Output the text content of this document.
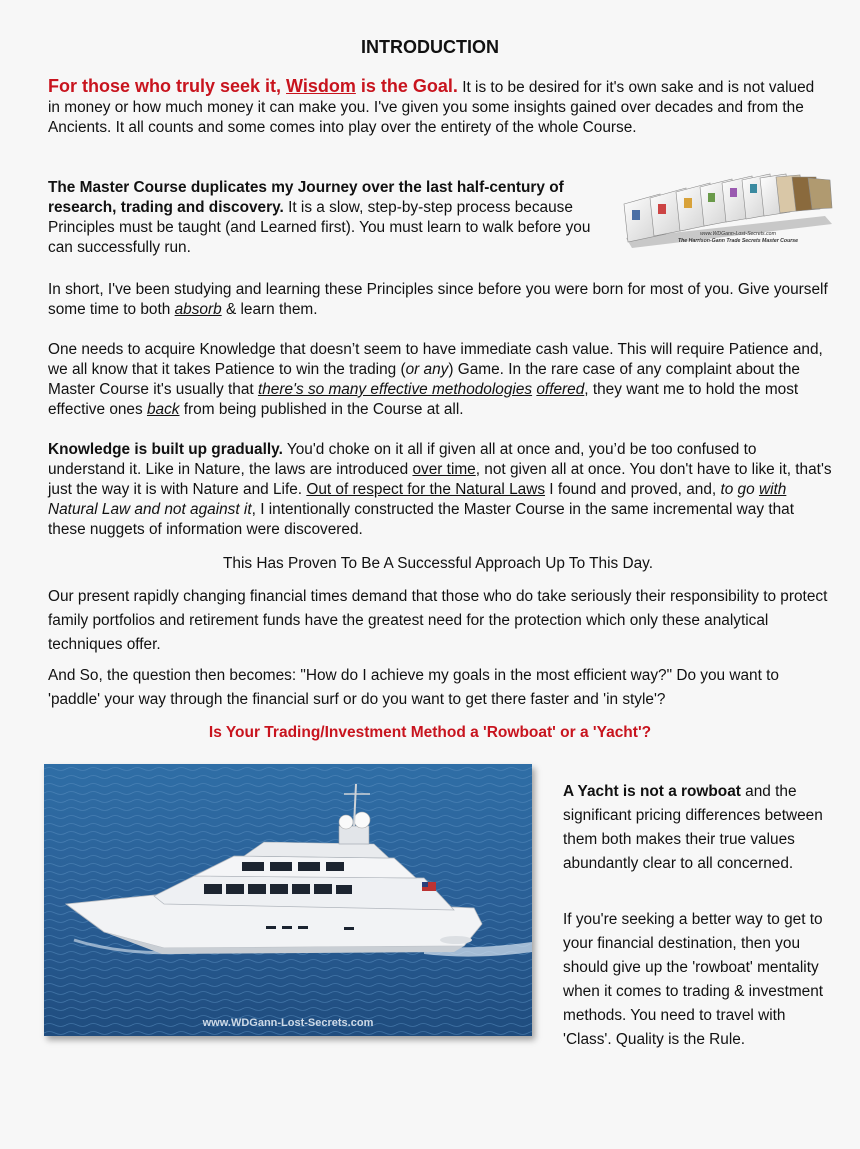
INTRODUCTION

For those who truly seek it, Wisdom is the Goal. It is to be desired for it's own sake and is not valued in money or how much money it can make you. I've given you some insights gained over decades and from the Ancients. It all counts and some comes into play over the entirety of the whole Course.

The Master Course duplicates my Journey over the last half-century of research, trading and discovery. It is a slow, step-by-step process because Principles must be taught (and Learned first). You must learn to walk before you can successfully run.

www.WDGann-Lost-Secrets.com
The Harrison-Gann Trade Secrets Master Course

In short, I've been studying and learning these Principles since before you were born for most of you. Give yourself some time to both absorb & learn them.

One needs to acquire Knowledge that doesn’t seem to have immediate cash value. This will require Patience and, we all know that it takes Patience to win the trading (or any) Game. In the rare case of any complaint about the Master Course it's usually that there's so many effective methodologies offered, they want me to hold the most effective ones back from being published in the Course at all.

Knowledge is built up gradually. You'd choke on it all if given all at once and, you’d be too confused to understand it. Like in Nature, the laws are introduced over time, not given all at once. You don't have to like it, that's just the way it is with Nature and Life. Out of respect for the Natural Laws I found and proved, and, to go with Natural Law and not against it, I intentionally constructed the Master Course in the same incremental way that these nuggets of information were discovered.

This Has Proven To Be A Successful Approach Up To This Day.

Our present rapidly changing financial times demand that those who do take seriously their responsibility to protect family portfolios and retirement funds have the greatest need for the protection which only these analytical techniques offer.

And So, the question then becomes: "How do I achieve my goals in the most efficient way?" Do you want to 'paddle' your way through the financial surf or do you want to get there faster and 'in style'?

Is Your Trading/Investment Method a 'Rowboat' or a 'Yacht'?
www.WDGann-Lost-Secrets.com

A Yacht is not a rowboat and the significant pricing differences between them both makes their true values abundantly clear to all concerned.

If you're seeking a better way to get to your financial destination, then you should give up the 'rowboat' mentality when it comes to trading & investment methods. You need to travel with 'Class'. Quality is the Rule.
